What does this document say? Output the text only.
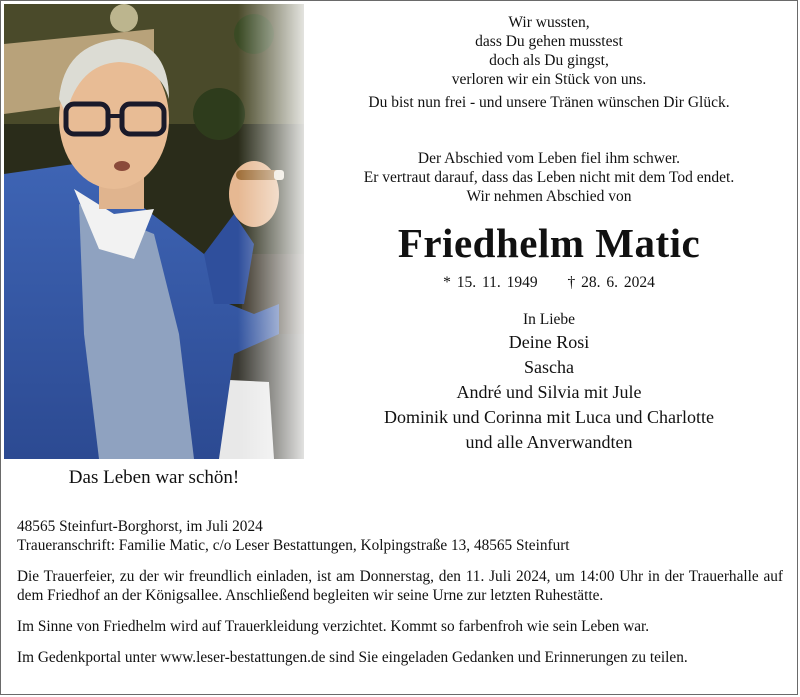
Das Leben war schön!
Wir wussten,
dass Du gehen musstest
doch als Du gingst,
verloren wir ein Stück von uns.
Du bist nun frei - und unsere Tränen wünschen Dir Glück.
Der Abschied vom Leben fiel ihm schwer.
Er vertraut darauf, dass das Leben nicht mit dem Tod endet.
Wir nehmen Abschied von
Friedhelm Matic
* 15. 11. 1949 † 28. 6. 2024
In Liebe
Deine Rosi
Sascha
André und Silvia mit Jule
Dominik und Corinna mit Luca und Charlotte
und alle Anverwandten

48565 Steinfurt-Borghorst, im Juli 2024

Traueranschrift: Familie Matic, c/o Leser Bestattungen, Kolpingstraße 13, 48565 Steinfurt

Die Trauerfeier, zu der wir freundlich einladen, ist am Donnerstag, den 11. Juli 2024, um 14:00 Uhr in der Trauerhalle auf dem Friedhof an der Königsallee. Anschließend begleiten wir seine Urne zur letzten Ruhestätte.

Im Sinne von Friedhelm wird auf Trauerkleidung verzichtet. Kommt so farbenfroh wie sein Leben war.

Im Gedenkportal unter www.leser-bestattungen.de sind Sie eingeladen Gedanken und Erinnerungen zu teilen.
